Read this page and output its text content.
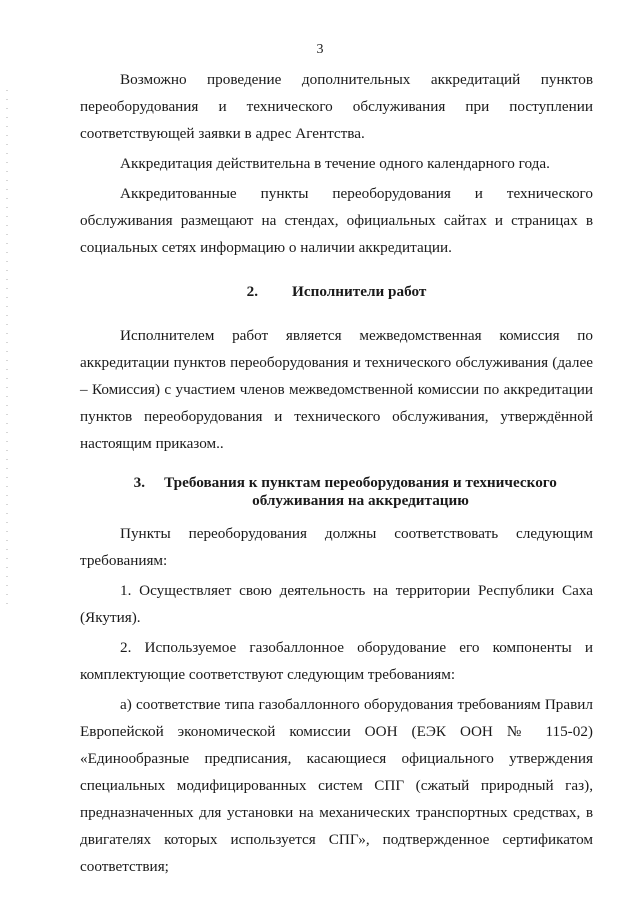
3

Возможно проведение дополнительных аккредитаций пунктов переоборудования и технического обслуживания при поступлении соответствующей заявки в адрес Агентства.

Аккредитация действительна в течение одного календарного года.

Аккредитованные пункты переоборудования и технического обслуживания размещают на стендах, официальных сайтах и страницах в социальных сетях информацию о наличии аккредитации.

2. Исполнители работ

Исполнителем работ является межведомственная комиссия по аккредитации пунктов переоборудования и технического обслуживания (далее – Комиссия) с участием членов межведомственной комиссии по аккредитации пунктов переоборудования и технического обслуживания, утверждённой настоящим приказом..

3.	Требования к пунктам переоборудования и технического облуживания на аккредитацию

Пункты переоборудования должны соответствовать следующим требованиям:

1. Осуществляет свою деятельность на территории Республики Саха (Якутия).

2. Используемое газобаллонное оборудование его компоненты и комплектующие соответствуют следующим требованиям:

а) соответствие типа газобаллонного оборудования требованиям Правил Европейской экономической комиссии ООН (ЕЭК ООН № 115-02) «Единообразные предписания, касающиеся официального утверждения специальных модифицированных систем СПГ (сжатый природный газ), предназначенных для установки на механических транспортных средствах, в двигателях которых используется СПГ», подтвержденное сертификатом соответствия;
